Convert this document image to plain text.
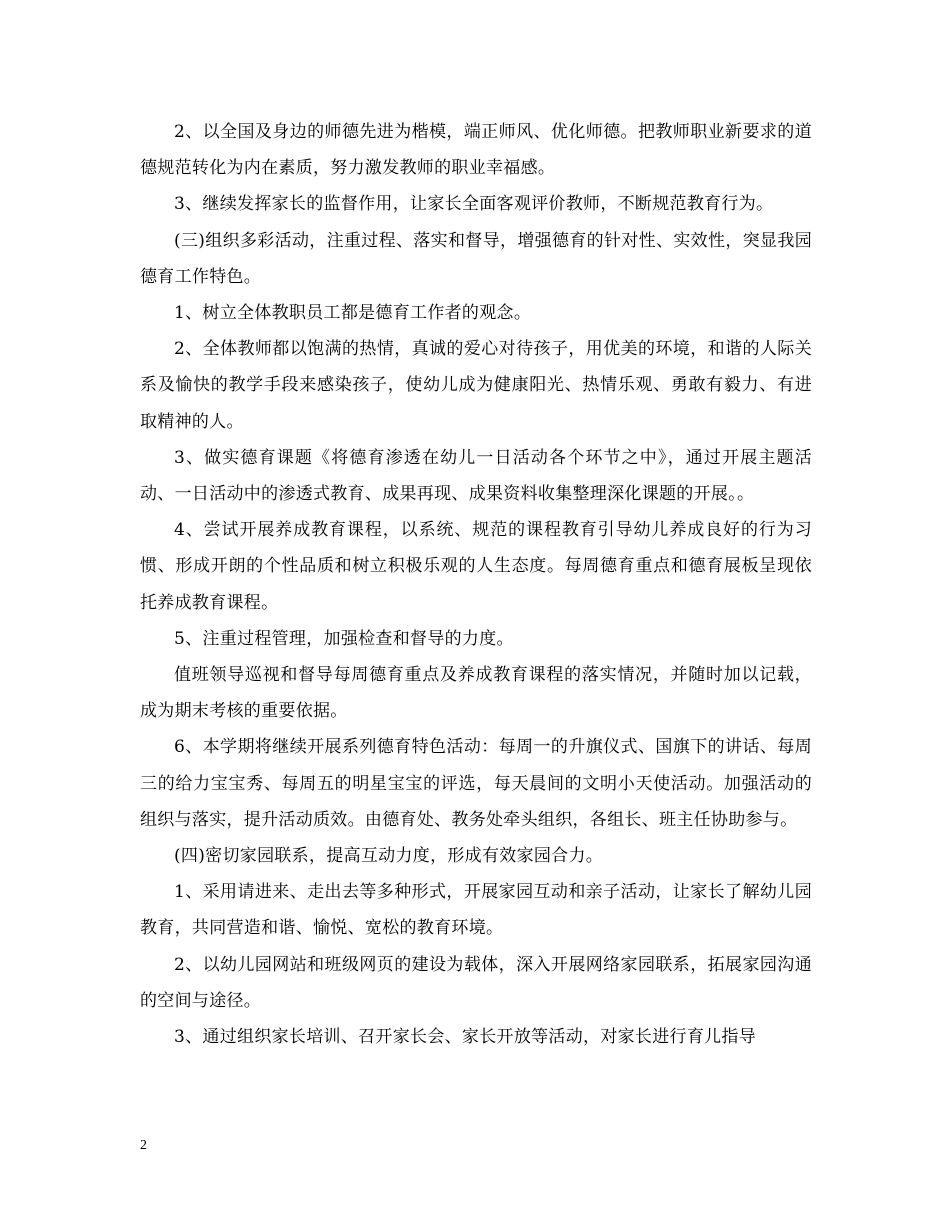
2、以全国及身边的师德先进为楷模，端正师风、优化师德。把教师职业新要求的道德规范转化为内在素质，努力激发教师的职业幸福感。

3、继续发挥家长的监督作用，让家长全面客观评价教师，不断规范教育行为。

(三)组织多彩活动，注重过程、落实和督导，增强德育的针对性、实效性，突显我园德育工作特色。

1、树立全体教职员工都是德育工作者的观念。

2、全体教师都以饱满的热情，真诚的爱心对待孩子，用优美的环境，和谐的人际关系及愉快的教学手段来感染孩子，使幼儿成为健康阳光、热情乐观、勇敢有毅力、有进取精神的人。

3、做实德育课题《将德育渗透在幼儿一日活动各个环节之中》，通过开展主题活动、一日活动中的渗透式教育、成果再现、成果资料收集整理深化课题的开展。。

4、尝试开展养成教育课程，以系统、规范的课程教育引导幼儿养成良好的行为习惯、形成开朗的个性品质和树立积极乐观的人生态度。每周德育重点和德育展板呈现依托养成教育课程。

5、注重过程管理，加强检查和督导的力度。

值班领导巡视和督导每周德育重点及养成教育课程的落实情况，并随时加以记载，成为期末考核的重要依据。

6、本学期将继续开展系列德育特色活动：每周一的升旗仪式、国旗下的讲话、每周三的给力宝宝秀、每周五的明星宝宝的评选，每天晨间的文明小天使活动。加强活动的组织与落实，提升活动质效。由德育处、教务处牵头组织，各组长、班主任协助参与。

(四)密切家园联系，提高互动力度，形成有效家园合力。

1、采用请进来、走出去等多种形式，开展家园互动和亲子活动，让家长了解幼儿园教育，共同营造和谐、愉悦、宽松的教育环境。

2、以幼儿园网站和班级网页的建设为载体，深入开展网络家园联系，拓展家园沟通的空间与途径。

3、通过组织家长培训、召开家长会、家长开放等活动，对家长进行育儿指导

2
